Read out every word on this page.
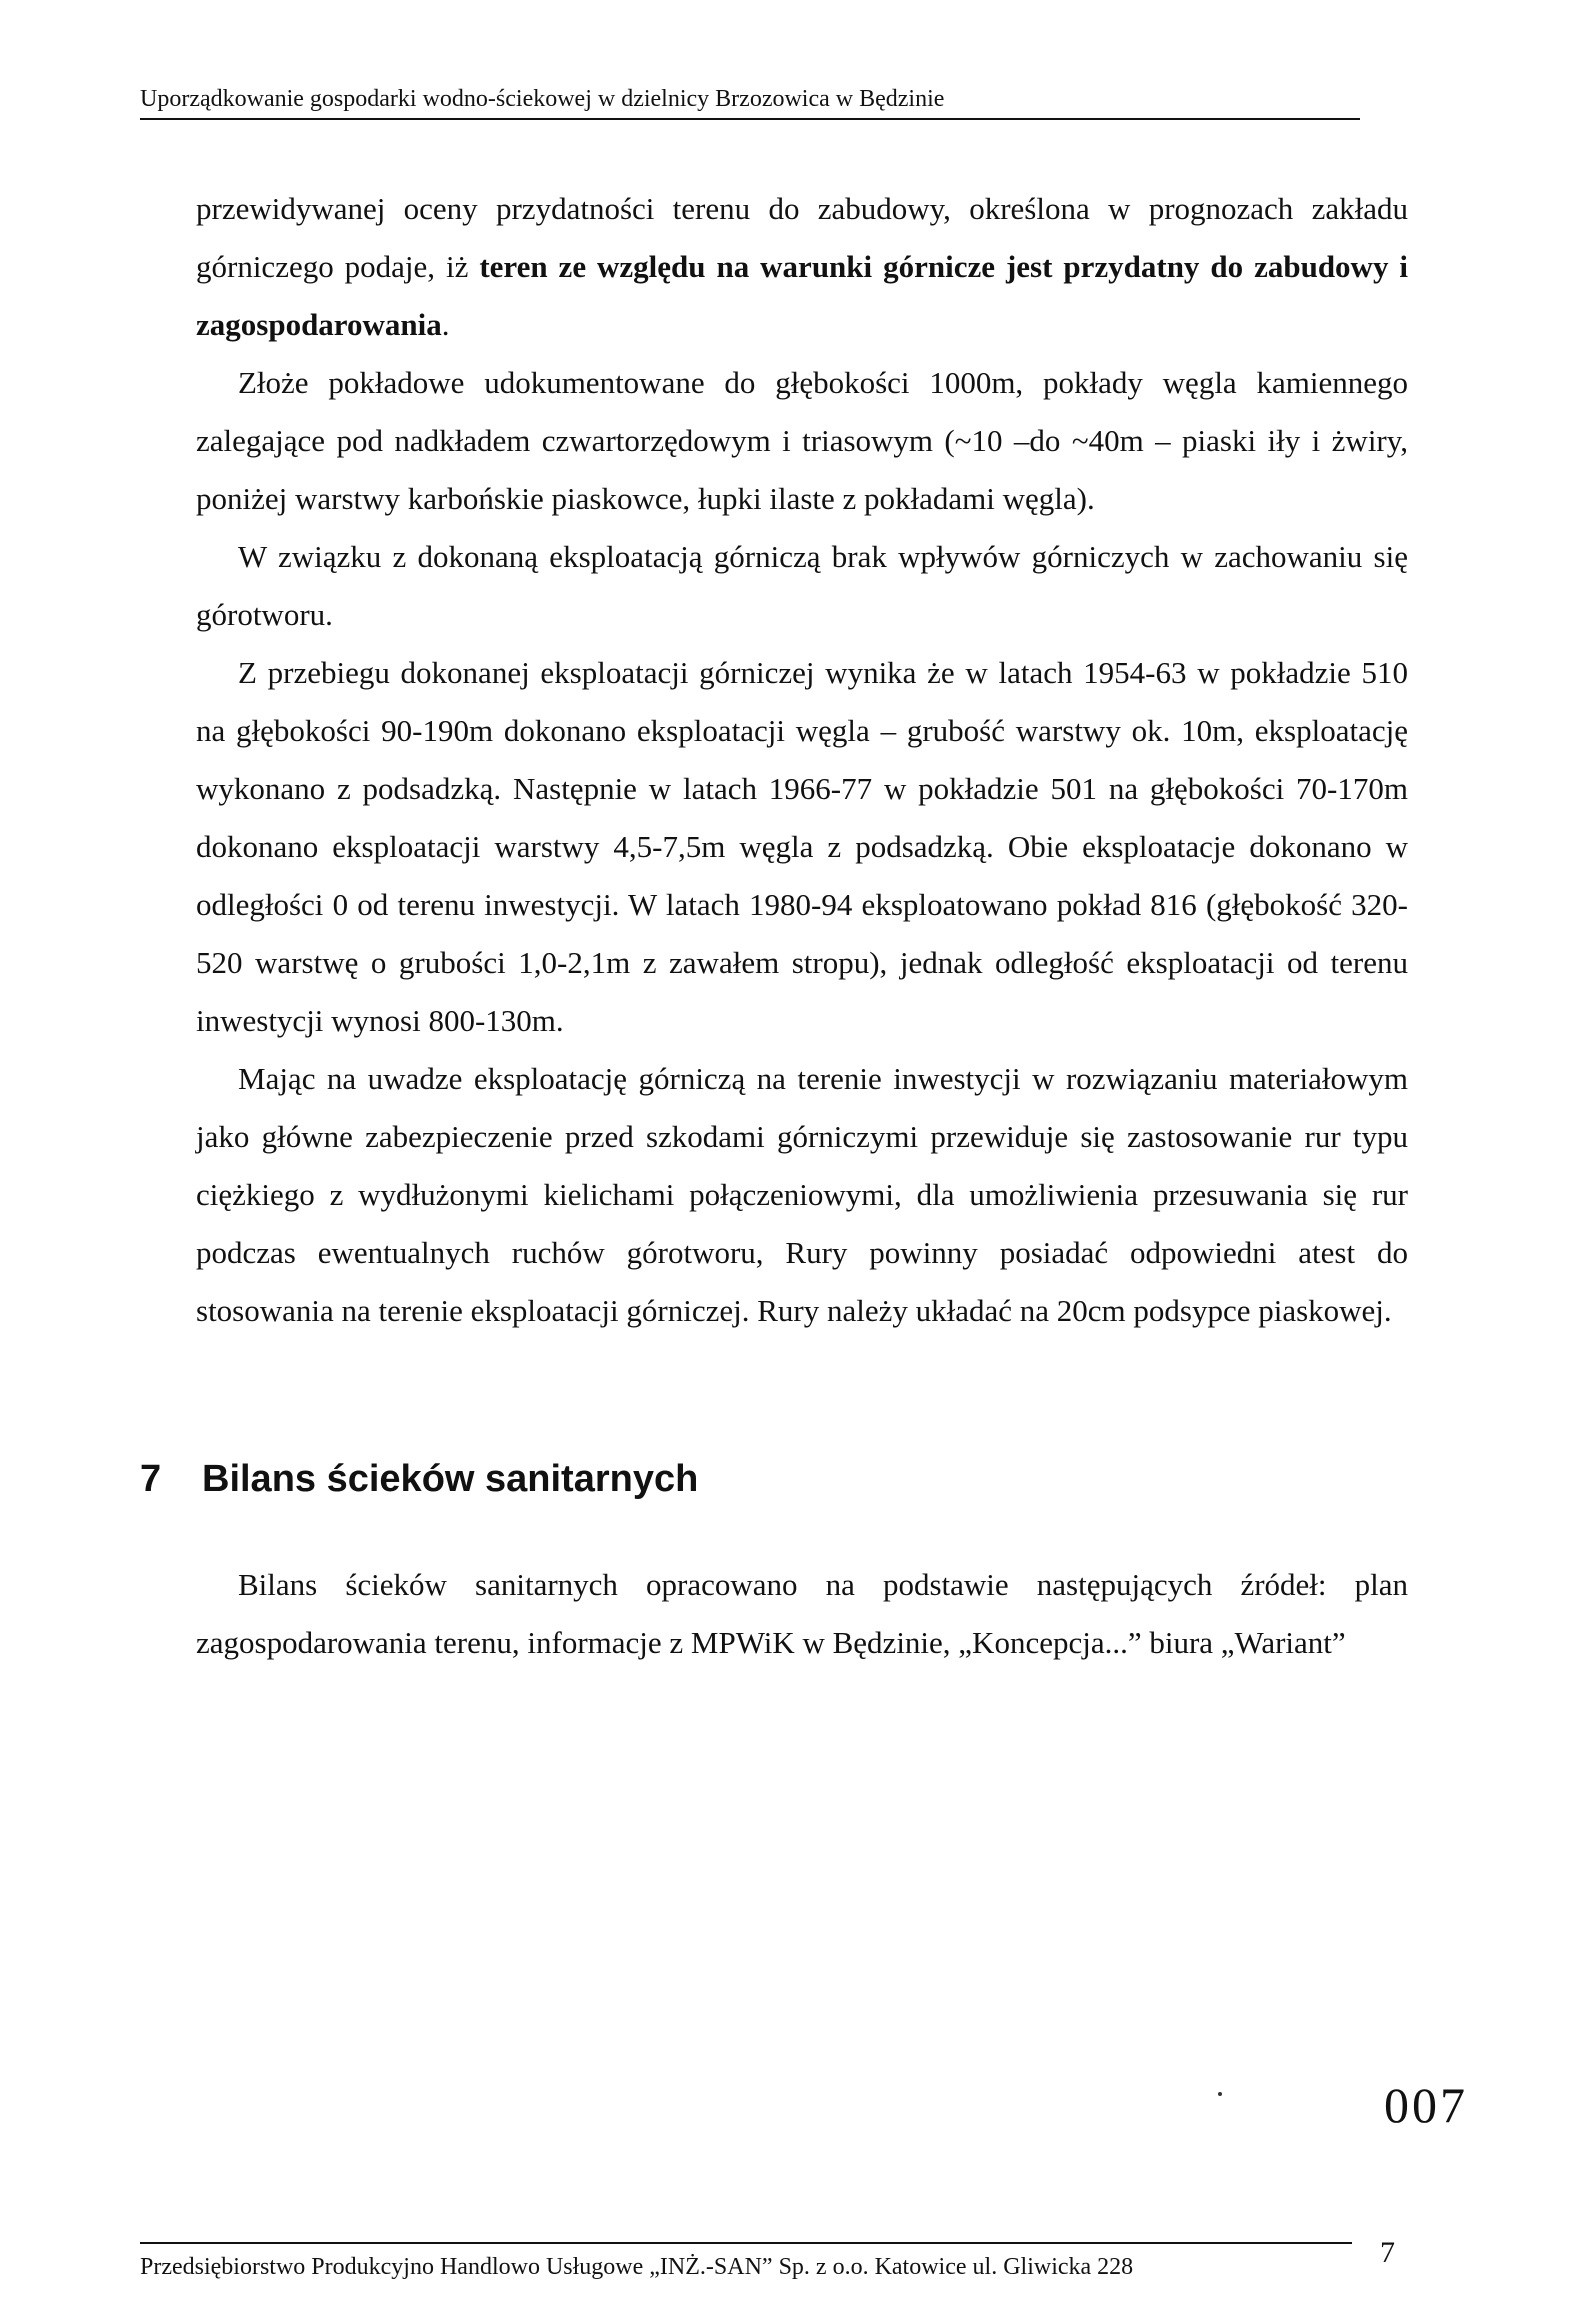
Uporządkowanie gospodarki wodno-ściekowej w dzielnicy Brzozowica w Będzinie

przewidywanej oceny przydatności terenu do zabudowy, określona w prognozach zakładu górniczego podaje, iż teren ze względu na warunki górnicze jest przydatny do zabudowy i zagospodarowania.

Złoże pokładowe udokumentowane do głębokości 1000m, pokłady węgla kamiennego zalegające pod nadkładem czwartorzędowym i triasowym (~10 –do ~40m – piaski iły i żwiry, poniżej warstwy karbońskie piaskowce, łupki ilaste z pokładami węgla).

W związku z dokonaną eksploatacją górniczą brak wpływów górniczych w zachowaniu się górotworu.

Z przebiegu dokonanej eksploatacji górniczej wynika że w latach 1954-63 w pokładzie 510 na głębokości 90-190m dokonano eksploatacji węgla – grubość warstwy ok. 10m, eksploatację wykonano z podsadzką. Następnie w latach 1966-77 w pokładzie 501 na głębokości 70-170m dokonano eksploatacji warstwy 4,5-7,5m węgla z podsadzką. Obie eksploatacje dokonano w odległości 0 od terenu inwestycji. W latach 1980-94 eksploatowano pokład 816 (głębokość 320-520 warstwę o grubości 1,0-2,1m z zawałem stropu), jednak odległość eksploatacji od terenu inwestycji wynosi 800-130m.

Mając na uwadze eksploatację górniczą na terenie inwestycji w rozwiązaniu materiałowym jako główne zabezpieczenie przed szkodami górniczymi przewiduje się zastosowanie rur typu ciężkiego z wydłużonymi kielichami połączeniowymi, dla umożliwienia przesuwania się rur podczas ewentualnych ruchów górotworu, Rury powinny posiadać odpowiedni atest do stosowania na terenie eksploatacji górniczej. Rury należy układać na 20cm podsypce piaskowej.

7 Bilans ścieków sanitarnych

Bilans ścieków sanitarnych opracowano na podstawie następujących źródeł: plan zagospodarowania terenu, informacje z MPWiK w Będzinie, „Koncepcja...” biura „Wariant”

007
Przedsiębiorstwo Produkcyjno Handlowo Usługowe „INŻ.-SAN” Sp. z o.o. Katowice ul. Gliwicka 228	7
